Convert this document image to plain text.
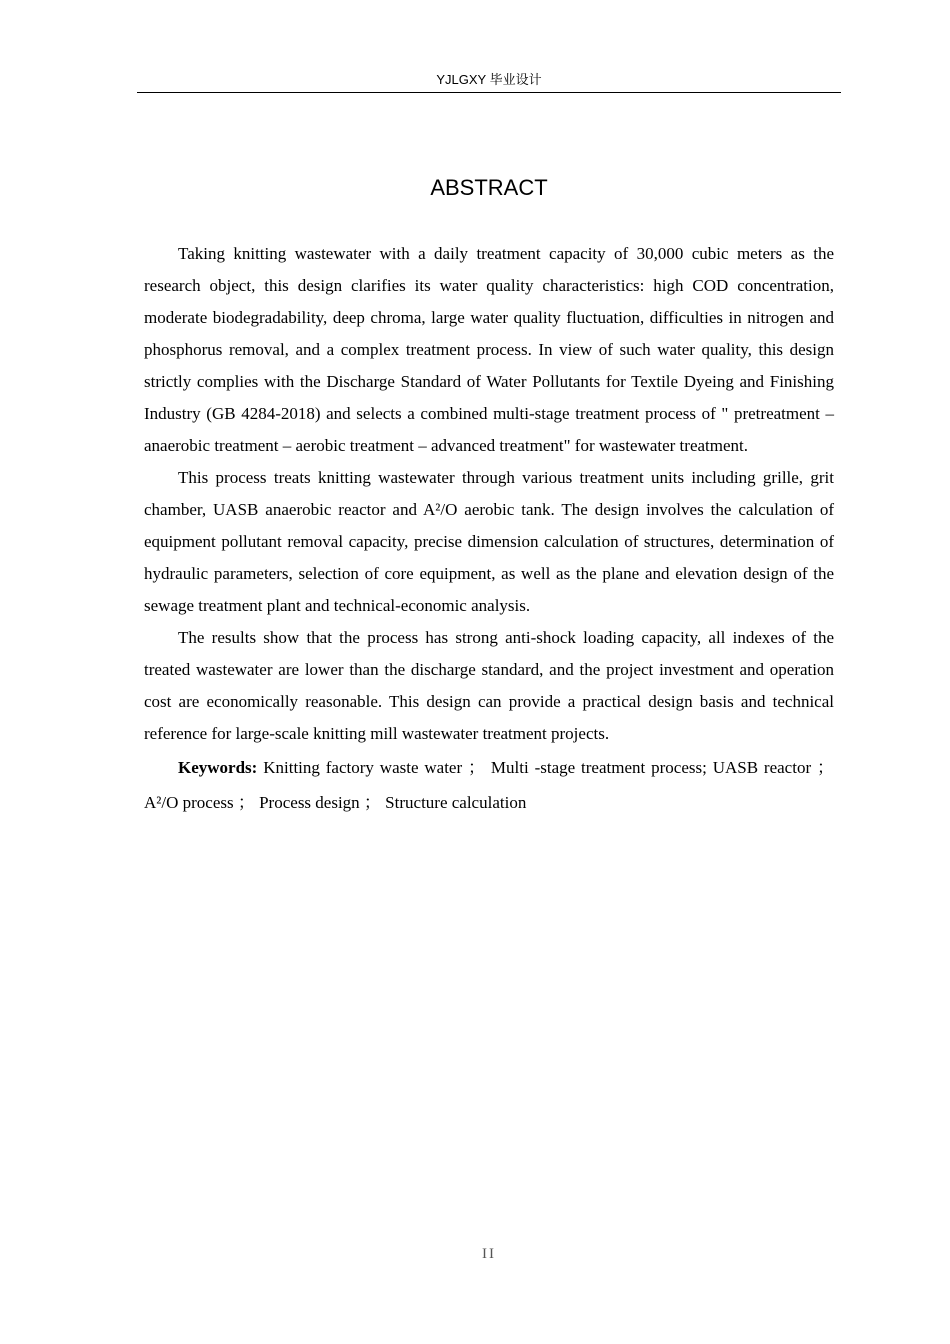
YJLGXY 毕业设计
ABSTRACT

Taking knitting wastewater with a daily treatment capacity of 30,000 cubic meters as the research object, this design clarifies its water quality characteristics: high COD concentration, moderate biodegradability, deep chroma, large water quality fluctuation, difficulties in nitrogen and phosphorus removal, and a complex treatment process. In view of such water quality, this design strictly complies with the Discharge Standard of Water Pollutants for Textile Dyeing and Finishing Industry (GB 4284-2018) and selects a combined multi-stage treatment process of " pretreatment – anaerobic treatment – aerobic treatment – advanced treatment" for wastewater treatment.

This process treats knitting wastewater through various treatment units including grille, grit chamber, UASB anaerobic reactor and A²/O aerobic tank. The design involves the calculation of equipment pollutant removal capacity, precise dimension calculation of structures, determination of hydraulic parameters, selection of core equipment, as well as the plane and elevation design of the sewage treatment plant and technical-economic analysis.

The results show that the process has strong anti-shock loading capacity, all indexes of the treated wastewater are lower than the discharge standard, and the project investment and operation cost are economically reasonable. This design can provide a practical design basis and technical reference for large-scale knitting mill wastewater treatment projects.

Keywords: Knitting factory waste water ； Multi -stage treatment process; UASB reactor ； A²/O process ； Process design ； Structure calculation

II
